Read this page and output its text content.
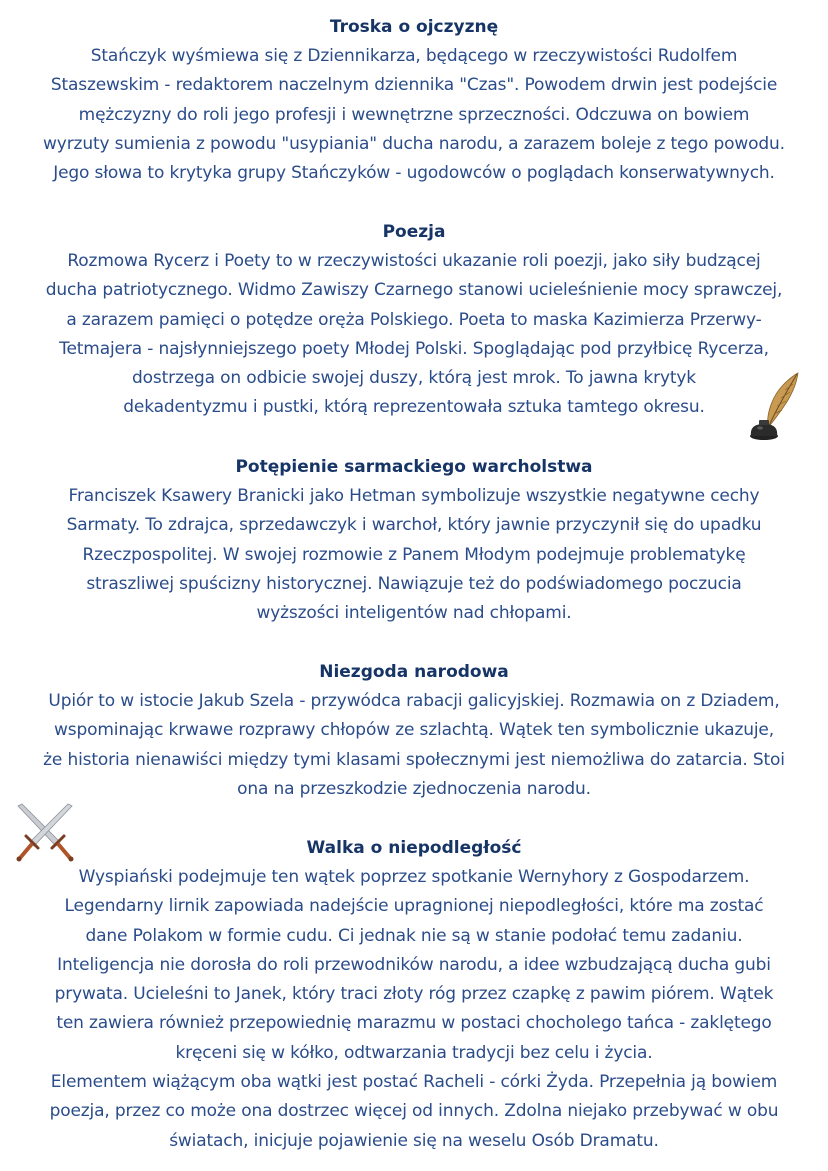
Troska o ojczyznę

Stańczyk wyśmiewa się z Dziennikarza, będącego w rzeczywistości Rudolfem
Staszewskim - redaktorem naczelnym dziennika "Czas". Powodem drwin jest podejście
mężczyzny do roli jego profesji i wewnętrzne sprzeczności. Odczuwa on bowiem
wyrzuty sumienia z powodu "usypiania" ducha narodu, a zarazem boleje z tego powodu.
Jego słowa to krytyka grupy Stańczyków - ugodowców o poglądach konserwatywnych.

Poezja

Rozmowa Rycerz i Poety to w rzeczywistości ukazanie roli poezji, jako siły budzącej
ducha patriotycznego. Widmo Zawiszy Czarnego stanowi ucieleśnienie mocy sprawczej,
a zarazem pamięci o potędze oręża Polskiego. Poeta to maska Kazimierza Przerwy-
Tetmajera - najsłynniejszego poety Młodej Polski. Spoglądając pod przyłbicę Rycerza,
dostrzega on odbicie swojej duszy, którą jest mrok. To jawna krytyk
dekadentyzmu i pustki, którą reprezentowała sztuka tamtego okresu.

Potępienie sarmackiego warcholstwa

Franciszek Ksawery Branicki jako Hetman symbolizuje wszystkie negatywne cechy
Sarmaty. To zdrajca, sprzedawczyk i warchoł, który jawnie przyczynił się do upadku
Rzeczpospolitej. W swojej rozmowie z Panem Młodym podejmuje problematykę
straszliwej spuścizny historycznej. Nawiązuje też do podświadomego poczucia
wyższości inteligentów nad chłopami.

Niezgoda narodowa

Upiór to w istocie Jakub Szela - przywódca rabacji galicyjskiej. Rozmawia on z Dziadem,
wspominając krwawe rozprawy chłopów ze szlachtą. Wątek ten symbolicznie ukazuje,
że historia nienawiści między tymi klasami społecznymi jest niemożliwa do zatarcia. Stoi
ona na przeszkodzie zjednoczenia narodu.

Walka o niepodległość

Wyspiański podejmuje ten wątek poprzez spotkanie Wernyhory z Gospodarzem.
Legendarny lirnik zapowiada nadejście upragnionej niepodległości, które ma zostać
dane Polakom w formie cudu. Ci jednak nie są w stanie podołać temu zadaniu.
Inteligencja nie dorosła do roli przewodników narodu, a idee wzbudzającą ducha gubi
prywata. Ucieleśni to Janek, który traci złoty róg przez czapkę z pawim piórem. Wątek
ten zawiera również przepowiednię marazmu w postaci chocholego tańca - zaklętego
kręceni się w kółko, odtwarzania tradycji bez celu i życia.
Elementem wiążącym oba wątki jest postać Racheli - córki Żyda. Przepełnia ją bowiem
poezja, przez co może ona dostrzec więcej od innych. Zdolna niejako przebywać w obu
światach, inicjuje pojawienie się na weselu Osób Dramatu.
